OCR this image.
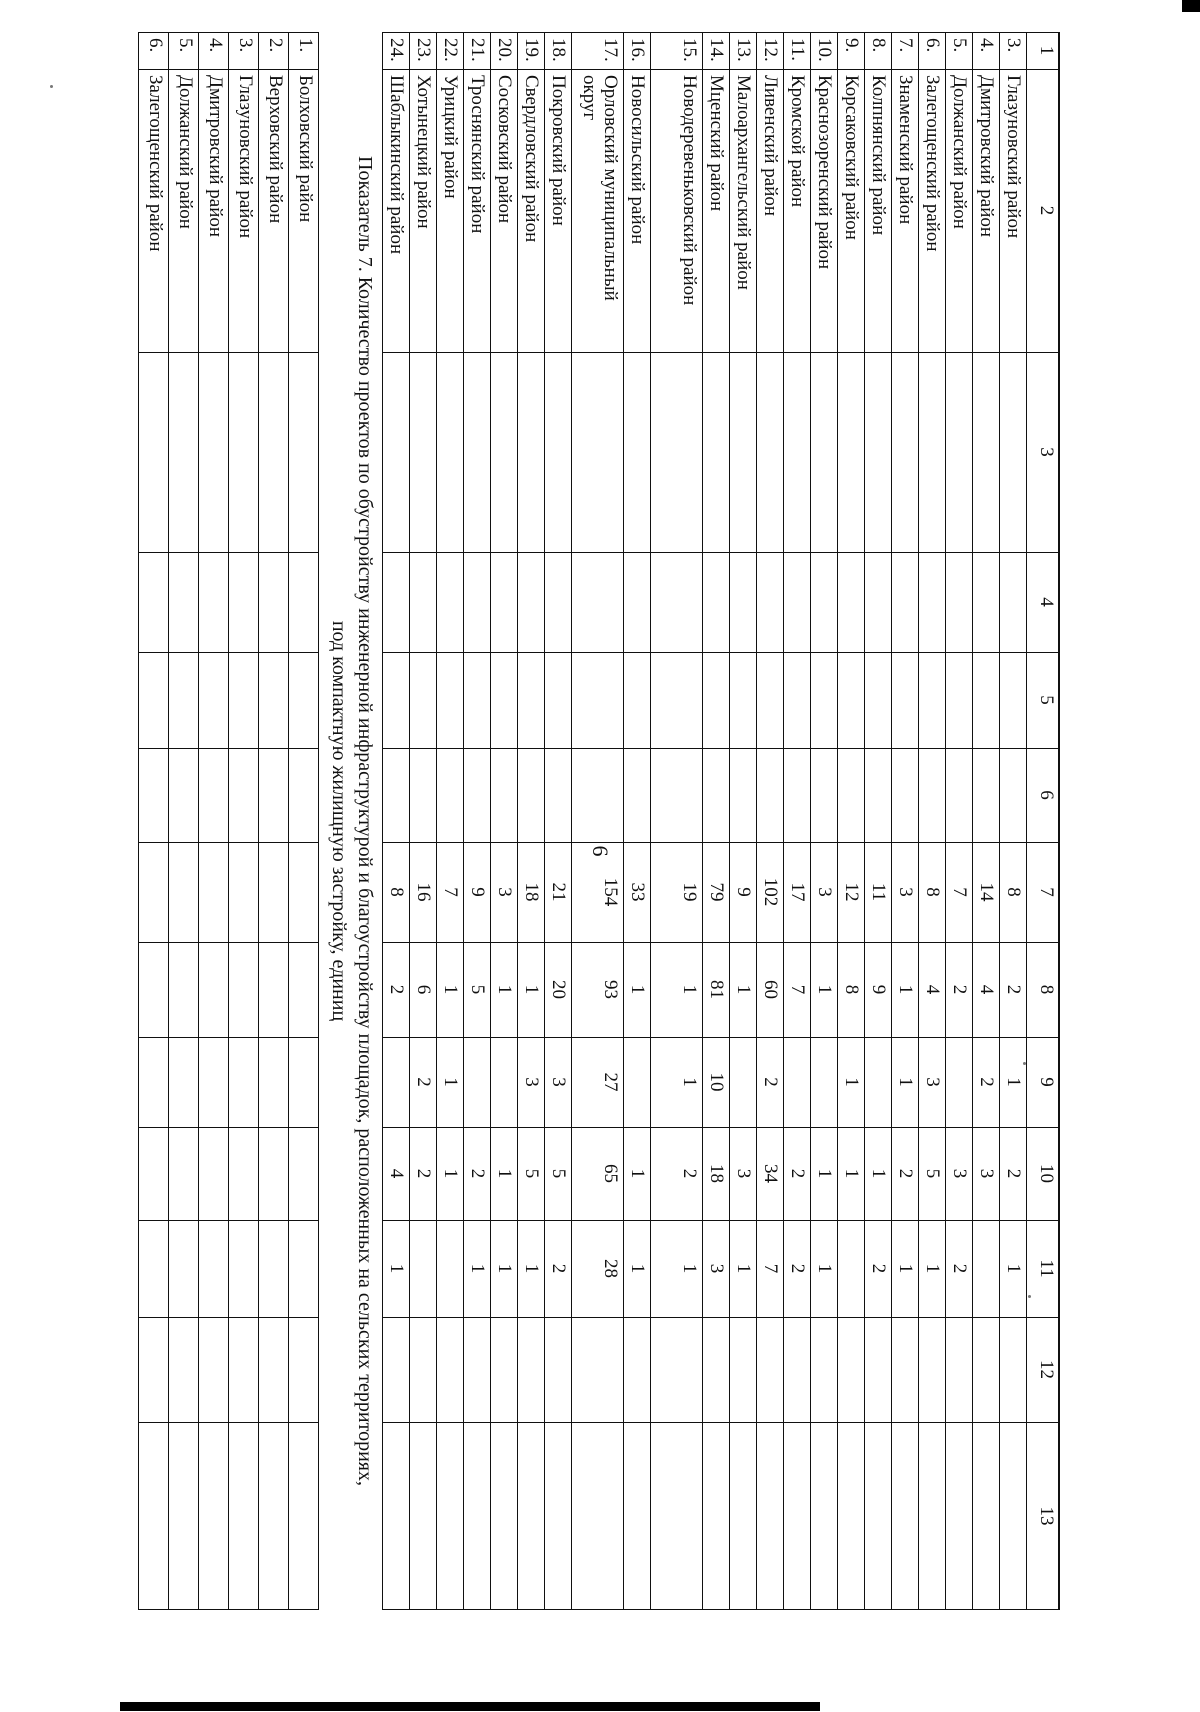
6
1
2
3
4
5
6
7
8
9
10
11
12
13
3.
Глазуновский район
8
2
1
2
1
4.
Дмитровский район
14
4
2
3
5.
Должанский район
7
2
3
2
6.
Залегощенский район
8
4
3
5
1
7.
Знаменский район
3
1
1
2
1
8.
Колпнянский район
11
9
1
2
9.
Корсаковский район
12
8
1
1
10.
Краснозоренский район
3
1
1
1
11.
Кромской район
17
7
2
2
12.
Ливенский район
102
60
2
34
7
13.
Малоархангельский район
9
1
3
1
14.
Мценский район
79
81
10
18
3
15.
Новодеревеньковский район
19
1
1
2
1
16.
Новосильский район
33
1
1
1
17.
Орловский муниципальный округ
154
93
27
65
28
18.
Покровский район
21
20
3
5
2
19.
Свердловский район
18
1
3
5
1
20.
Сосковский район
3
1
1
1
21.
Троснянский район
9
5
2
1
22.
Урицкий район
7
1
1
1
23.
Хотынецкий район
16
6
2
2
24.
Шаблыкинский район
8
2
4
1
Показатель 7. Количество проектов по обустройству инженерной инфраструктурой и благоустройству площадок, расположенных на сельских территориях,
под компактную жилищную застройку, единиц
1.
Болховский район
2.
Верховский район
3.
Глазуновский район
4.
Дмитровский район
5.
Должанский район
6.
Залегощенский район
